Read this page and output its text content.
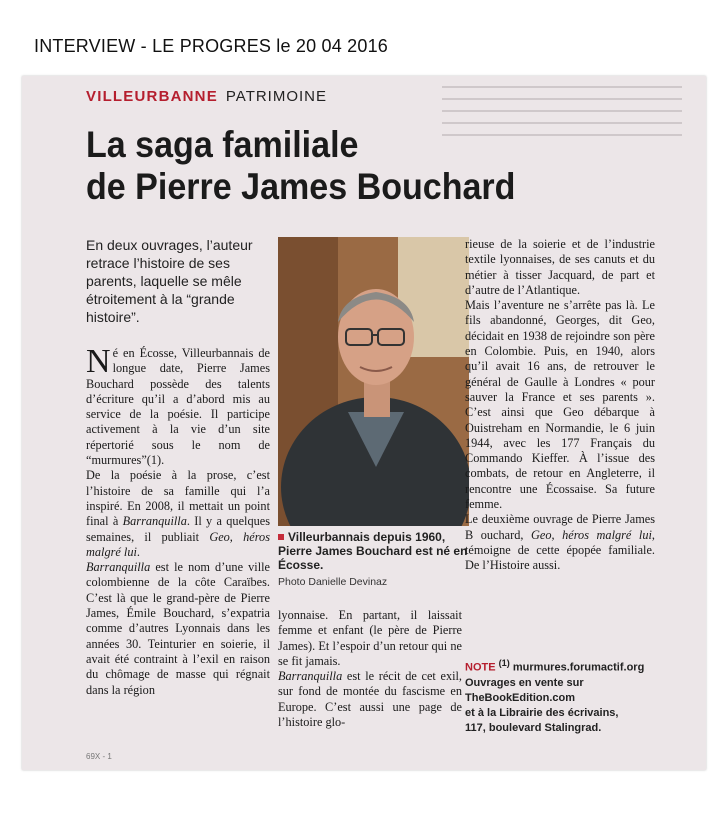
INTERVIEW - LE PROGRES le 20 04 2016
VILLEURBANNE PATRIMOINE
La saga familiale
de Pierre James Bouchard
En deux ouvrages, l’auteur retrace l’histoire de ses parents, laquelle se mêle étroitement à la “grande histoire”.

Né en Écosse, Villeurbannais de longue date, Pierre James Bouchard possède des talents d’écriture qu’il a d’abord mis au service de la poésie. Il participe activement à la vie d’un site répertorié sous le nom de “murmures”(1).

De la poésie à la prose, c’est l’histoire de sa famille qui l’a inspiré. En 2008, il mettait un point final à Barranquilla. Il y a quelques semaines, il publiait Geo, héros malgré lui.

Barranquilla est le nom d’une ville colombienne de la côte Caraïbes. C’est là que le grand-père de Pierre James, Émile Bouchard, s’expatria comme d’autres Lyonnais dans les années 30. Teinturier en soierie, il avait été contraint à l’exil en raison du chômage de masse qui régnait dans la région

Villeurbannais depuis 1960, Pierre James Bouchard est né en Écosse.
Photo Danielle Devinaz

lyonnaise. En partant, il laissait femme et enfant (le père de Pierre James). Et l’espoir d’un retour qui ne se fit jamais.

Barranquilla est le récit de cet exil, sur fond de montée du fascisme en Europe. C’est aussi une page de l’histoire glo-

rieuse de la soierie et de l’industrie textile lyonnaises, de ses canuts et du métier à tisser Jacquard, de part et d’autre de l’Atlantique.

Mais l’aventure ne s’arrête pas là. Le fils abandonné, Georges, dit Geo, décidait en 1938 de rejoindre son père en Colombie. Puis, en 1940, alors qu’il avait 16 ans, de retrouver le général de Gaulle à Londres « pour sauver la France et ses parents ». C’est ainsi que Geo débarque à Ouistreham en Normandie, le 6 juin 1944, avec les 177 Français du Commando Kieffer. À l’issue des combats, de retour en Angleterre, il rencontre une Écossaise. Sa future femme.

Le deuxième ouvrage de Pierre James B ouchard, Geo, héros malgré lui, témoigne de cette épopée familiale. De l’Histoire aussi.

NOTE $^{(1)}$ murmures.forumactif.org
Ouvrages en vente sur
TheBookEdition.com
et à la Librairie des écrivains,
117, boulevard Stalingrad.
69X - 1
